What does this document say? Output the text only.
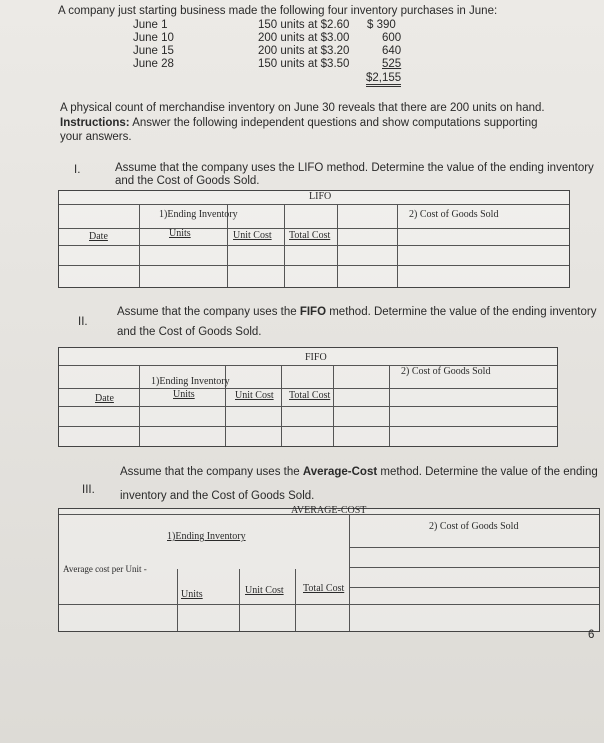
A company just starting business made the following four inventory purchases in June:
June 1	150 units at $2.60 $ 390
June 10	200 units at $3.00	600
June 15	200 units at $3.20	640
June 28	150 units at $3.50	525
$2,155
A physical count of merchandise inventory on June 30 reveals that there are 200 units on hand.
Instructions: Answer the following independent questions and show computations supporting your answers.
I.	Assume that the company uses the LIFO method. Determine the value of the ending inventory
and the Cost of Goods Sold.
LIFO
1)Ending Inventory	2) Cost of Goods Sold
Date	Units	Unit Cost Total Cost
II.
Assume that the company uses the FIFO method. Determine the value of the ending inventory
and the Cost of Goods Sold.
FIFO
1)Ending Inventory
2) Cost of Goods Sold
Date	Units	Unit Cost Total Cost
III.
Assume that the company uses the Average-Cost method. Determine the value of the ending
inventory and the Cost of Goods Sold.
AVERAGE-COST
1)Ending Inventory
2) Cost of Goods Sold
Average cost per Unit -
Units	Unit Cost Total Cost
6
